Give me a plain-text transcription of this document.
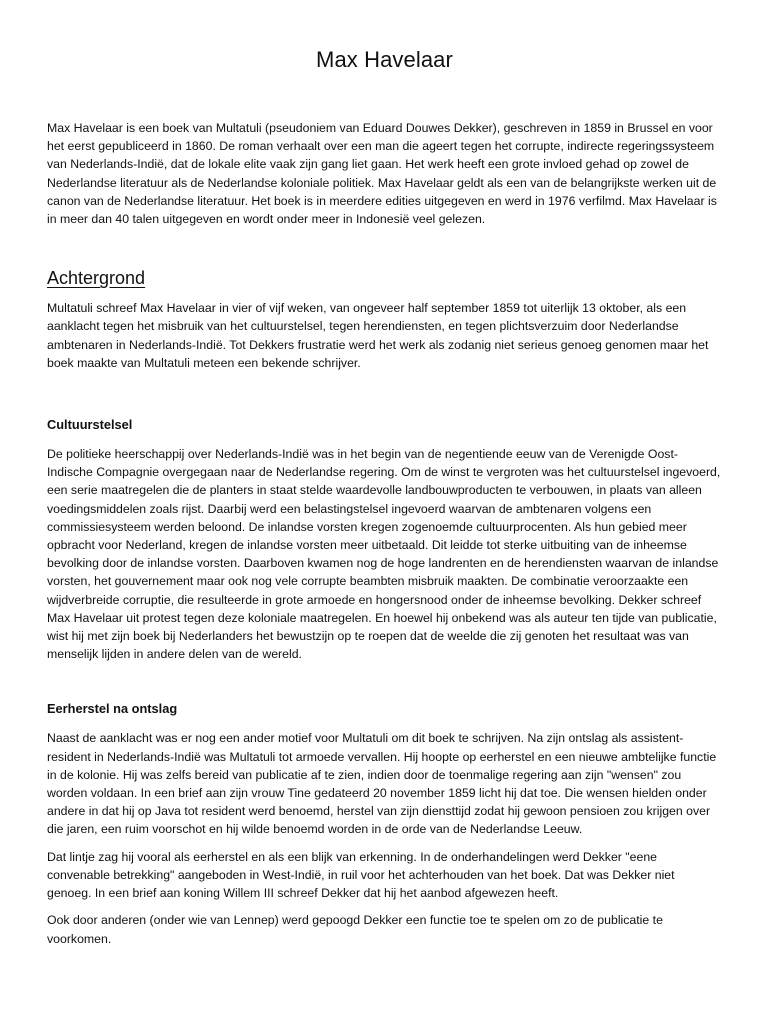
Max Havelaar

Max Havelaar is een boek van Multatuli (pseudoniem van Eduard Douwes Dekker), geschreven in 1859 in Brussel en voor het eerst gepubliceerd in 1860. De roman verhaalt over een man die ageert tegen het corrupte, indirecte regeringssysteem van Nederlands-Indië, dat de lokale elite vaak zijn gang liet gaan. Het werk heeft een grote invloed gehad op zowel de Nederlandse literatuur als de Nederlandse koloniale politiek. Max Havelaar geldt als een van de belangrijkste werken uit de canon van de Nederlandse literatuur. Het boek is in meerdere edities uitgegeven en werd in 1976 verfilmd. Max Havelaar is in meer dan 40 talen uitgegeven en wordt onder meer in Indonesië veel gelezen.

Achtergrond

Multatuli schreef Max Havelaar in vier of vijf weken, van ongeveer half september 1859 tot uiterlijk 13 oktober, als een aanklacht tegen het misbruik van het cultuurstelsel, tegen herendiensten, en tegen plichtsverzuim door Nederlandse ambtenaren in Nederlands-Indië. Tot Dekkers frustratie werd het werk als zodanig niet serieus genoeg genomen maar het boek maakte van Multatuli meteen een bekende schrijver.

Cultuurstelsel

De politieke heerschappij over Nederlands-Indië was in het begin van de negentiende eeuw van de Verenigde Oost-Indische Compagnie overgegaan naar de Nederlandse regering. Om de winst te vergroten was het cultuurstelsel ingevoerd, een serie maatregelen die de planters in staat stelde waardevolle landbouwproducten te verbouwen, in plaats van alleen voedingsmiddelen zoals rijst. Daarbij werd een belastingstelsel ingevoerd waarvan de ambtenaren volgens een commissiesysteem werden beloond. De inlandse vorsten kregen zogenoemde cultuurprocenten. Als hun gebied meer opbracht voor Nederland, kregen de inlandse vorsten meer uitbetaald. Dit leidde tot sterke uitbuiting van de inheemse bevolking door de inlandse vorsten. Daarboven kwamen nog de hoge landrenten en de herendiensten waarvan de inlandse vorsten, het gouvernement maar ook nog vele corrupte beambten misbruik maakten. De combinatie veroorzaakte een wijdverbreide corruptie, die resulteerde in grote armoede en hongersnood onder de inheemse bevolking. Dekker schreef Max Havelaar uit protest tegen deze koloniale maatregelen. En hoewel hij onbekend was als auteur ten tijde van publicatie, wist hij met zijn boek bij Nederlanders het bewustzijn op te roepen dat de weelde die zij genoten het resultaat was van menselijk lijden in andere delen van de wereld.

Eerherstel na ontslag

Naast de aanklacht was er nog een ander motief voor Multatuli om dit boek te schrijven. Na zijn ontslag als assistent-resident in Nederlands-Indië was Multatuli tot armoede vervallen. Hij hoopte op eerherstel en een nieuwe ambtelijke functie in de kolonie. Hij was zelfs bereid van publicatie af te zien, indien door de toenmalige regering aan zijn "wensen" zou worden voldaan. In een brief aan zijn vrouw Tine gedateerd 20 november 1859 licht hij dat toe. Die wensen hielden onder andere in dat hij op Java tot resident werd benoemd, herstel van zijn diensttijd zodat hij gewoon pensioen zou krijgen over die jaren, een ruim voorschot en hij wilde benoemd worden in de orde van de Nederlandse Leeuw.

Dat lintje zag hij vooral als eerherstel en als een blijk van erkenning. In de onderhandelingen werd Dekker "eene convenable betrekking" aangeboden in West-Indië, in ruil voor het achterhouden van het boek. Dat was Dekker niet genoeg. In een brief aan koning Willem III schreef Dekker dat hij het aanbod afgewezen heeft.

Ook door anderen (onder wie van Lennep) werd gepoogd Dekker een functie toe te spelen om zo de publicatie te voorkomen.
